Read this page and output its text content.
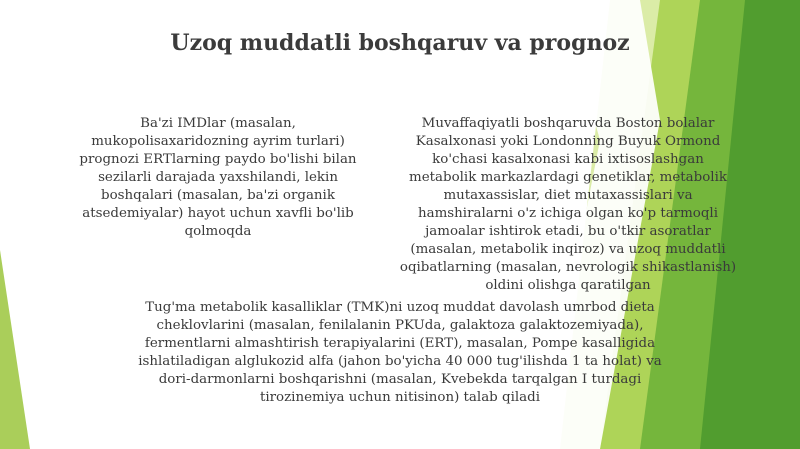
Uzoq muddatli boshqaruv va prognoz
Ba'zi IMDlar (masalan, mukopolisaxaridozning ayrim turlari) prognozi ERTlarning paydo bo'lishi bilan sezilarli darajada yaxshilandi, lekin boshqalari (masalan, ba'zi organik atsedemiyalar) hayot uchun xavfli bo'lib qolmoqda
Muvaffaqiyatli boshqaruvda Boston bolalar Kasalxonasi yoki Londonning Buyuk Ormond ko'chasi kasalxonasi kabi ixtisoslashgan metabolik markazlardagi genetiklar, metabolik mutaxassislar, diet mutaxassislari va hamshiralarni o'z ichiga olgan ko'p tarmoqli jamoalar ishtirok etadi, bu o'tkir asoratlar (masalan, metabolik inqiroz) va uzoq muddatli oqibatlarning (masalan, nevrologik shikastlanish) oldini olishga qaratilgan
Tug'ma metabolik kasalliklar (TMK)ni uzoq muddat davolash umrbod dieta cheklovlarini (masalan, fenilalanin PKUda, galaktoza galaktozemiyada), fermentlarni almashtirish terapiyalarini (ERT), masalan, Pompe kasalligida ishlatiladigan alglukozid alfa (jahon bo'yicha 40 000 tug'ilishda 1 ta holat) va dori-darmonlarni boshqarishni (masalan, Kvebekda tarqalgan I turdagi tirozinemiya uchun nitisinon) talab qiladi
